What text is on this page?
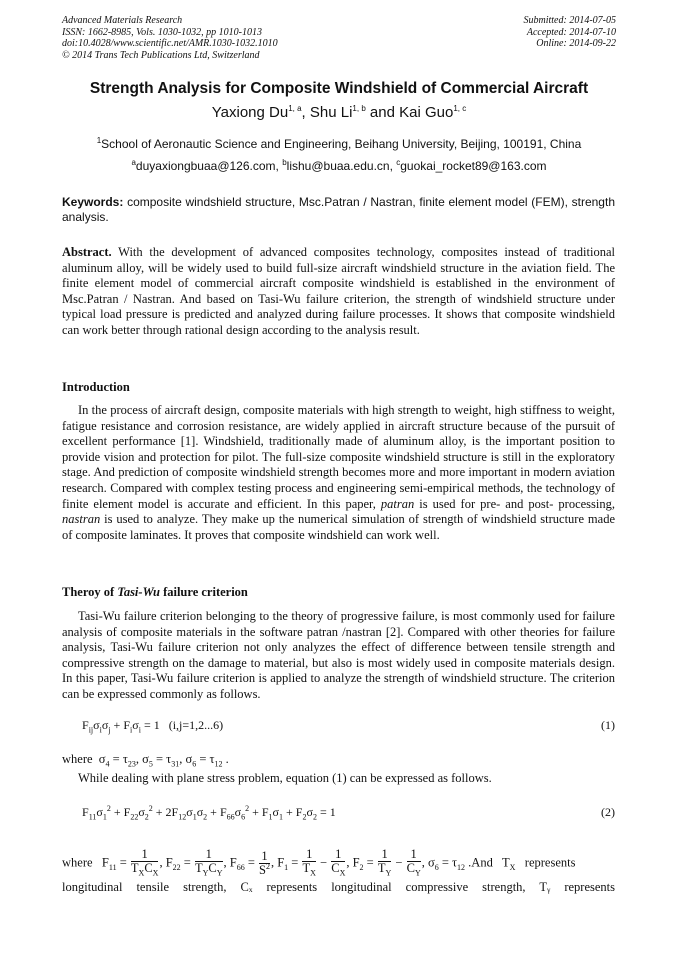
Advanced Materials Research
ISSN: 1662-8985, Vols. 1030-1032, pp 1010-1013
doi:10.4028/www.scientific.net/AMR.1030-1032.1010
© 2014 Trans Tech Publications Ltd, Switzerland
Submitted: 2014-07-05
Accepted: 2014-07-10
Online: 2014-09-22
Strength Analysis for Composite Windshield of Commercial Aircraft
Yaxiong Du$^{1, a}$, Shu Li$^{1, b}$ and Kai Guo$^{1, c}$
$^1$School of Aeronautic Science and Engineering, Beihang University, Beijing, 100191, China
$^a$duyaxiongbuaa@126.com, $^b$lishu@buaa.edu.cn, $^c$guokai_rocket89@163.com
Keywords: composite windshield structure, Msc.Patran / Nastran, finite element model (FEM), strength analysis.
Abstract. With the development of advanced composites technology, composites instead of traditional aluminum alloy, will be widely used to build full-size aircraft windshield structure in the aviation field. The finite element model of commercial aircraft composite windshield is established in the environment of Msc.Patran / Nastran. And based on Tasi-Wu failure criterion, the strength of windshield structure under typical load pressure is predicted and analyzed during failure processes. It shows that composite windshield can work better through rational design according to the analysis result.
Introduction
In the process of aircraft design, composite materials with high strength to weight, high stiffness to weight, fatigue resistance and corrosion resistance, are widely applied in aircraft structure because of the pursuit of excellent performance [1]. Windshield, traditionally made of aluminum alloy, is the important position to provide vision and protection for pilot. The full-size composite windshield structure is still in the exploratory stage. And prediction of composite windshield strength becomes more and more important in modern aviation research. Compared with complex testing process and engineering semi-empirical methods, the technology of finite element model is accurate and efficient. In this paper, patran is used for pre- and post- processing, nastran is used to analyze. They make up the numerical simulation of strength of windshield structure made of composite laminates. It proves that composite windshield can work well.
Theroy of Tasi-Wu failure criterion
Tasi-Wu failure criterion belonging to the theory of progressive failure, is most commonly used for failure analysis of composite materials in the software patran /nastran [2]. Compared with other theories for failure analysis, Tasi-Wu failure criterion not only analyzes the effect of difference between tensile strength and compressive strength on the damage to material, but also is most widely used in composite materials design. In this paper, Tasi-Wu failure criterion is applied to analyze the strength of windshield structure. The criterion can be expressed commonly as follows.
$F_{ij}\sigma_i\sigma_j + F_i\sigma_i = 1$   (i,j=1,2...6)	(1)
where  $\sigma_4 = \tau_{23}$, $\sigma_5 = \tau_{31}$, $\sigma_6 = \tau_{12}$ .
While dealing with plane stress problem, equation (1) can be expressed as follows.
$F_{11}\sigma_1^2 + F_{22}\sigma_2^2 + 2F_{12}\sigma_1\sigma_2 + F_{66}\sigma_6^2 + F_1\sigma_1 + F_2\sigma_2 = 1$	(2)
where   $F_{11} = \frac{1}{T_XC_X}$ , $F_{22} = \frac{1}{T_YC_Y}$ , $F_{66} = \frac{1}{S^2}$ , $F_1 = \frac{1}{T_X} - \frac{1}{C_X}$ , $F_2 = \frac{1}{T_Y} - \frac{1}{C_Y}$ , $\sigma_6 = \tau_{12}$ .And   $T_X$ represents
longitudinal tensile strength, Cₓ represents longitudinal compressive strength, Tᵧ represents
